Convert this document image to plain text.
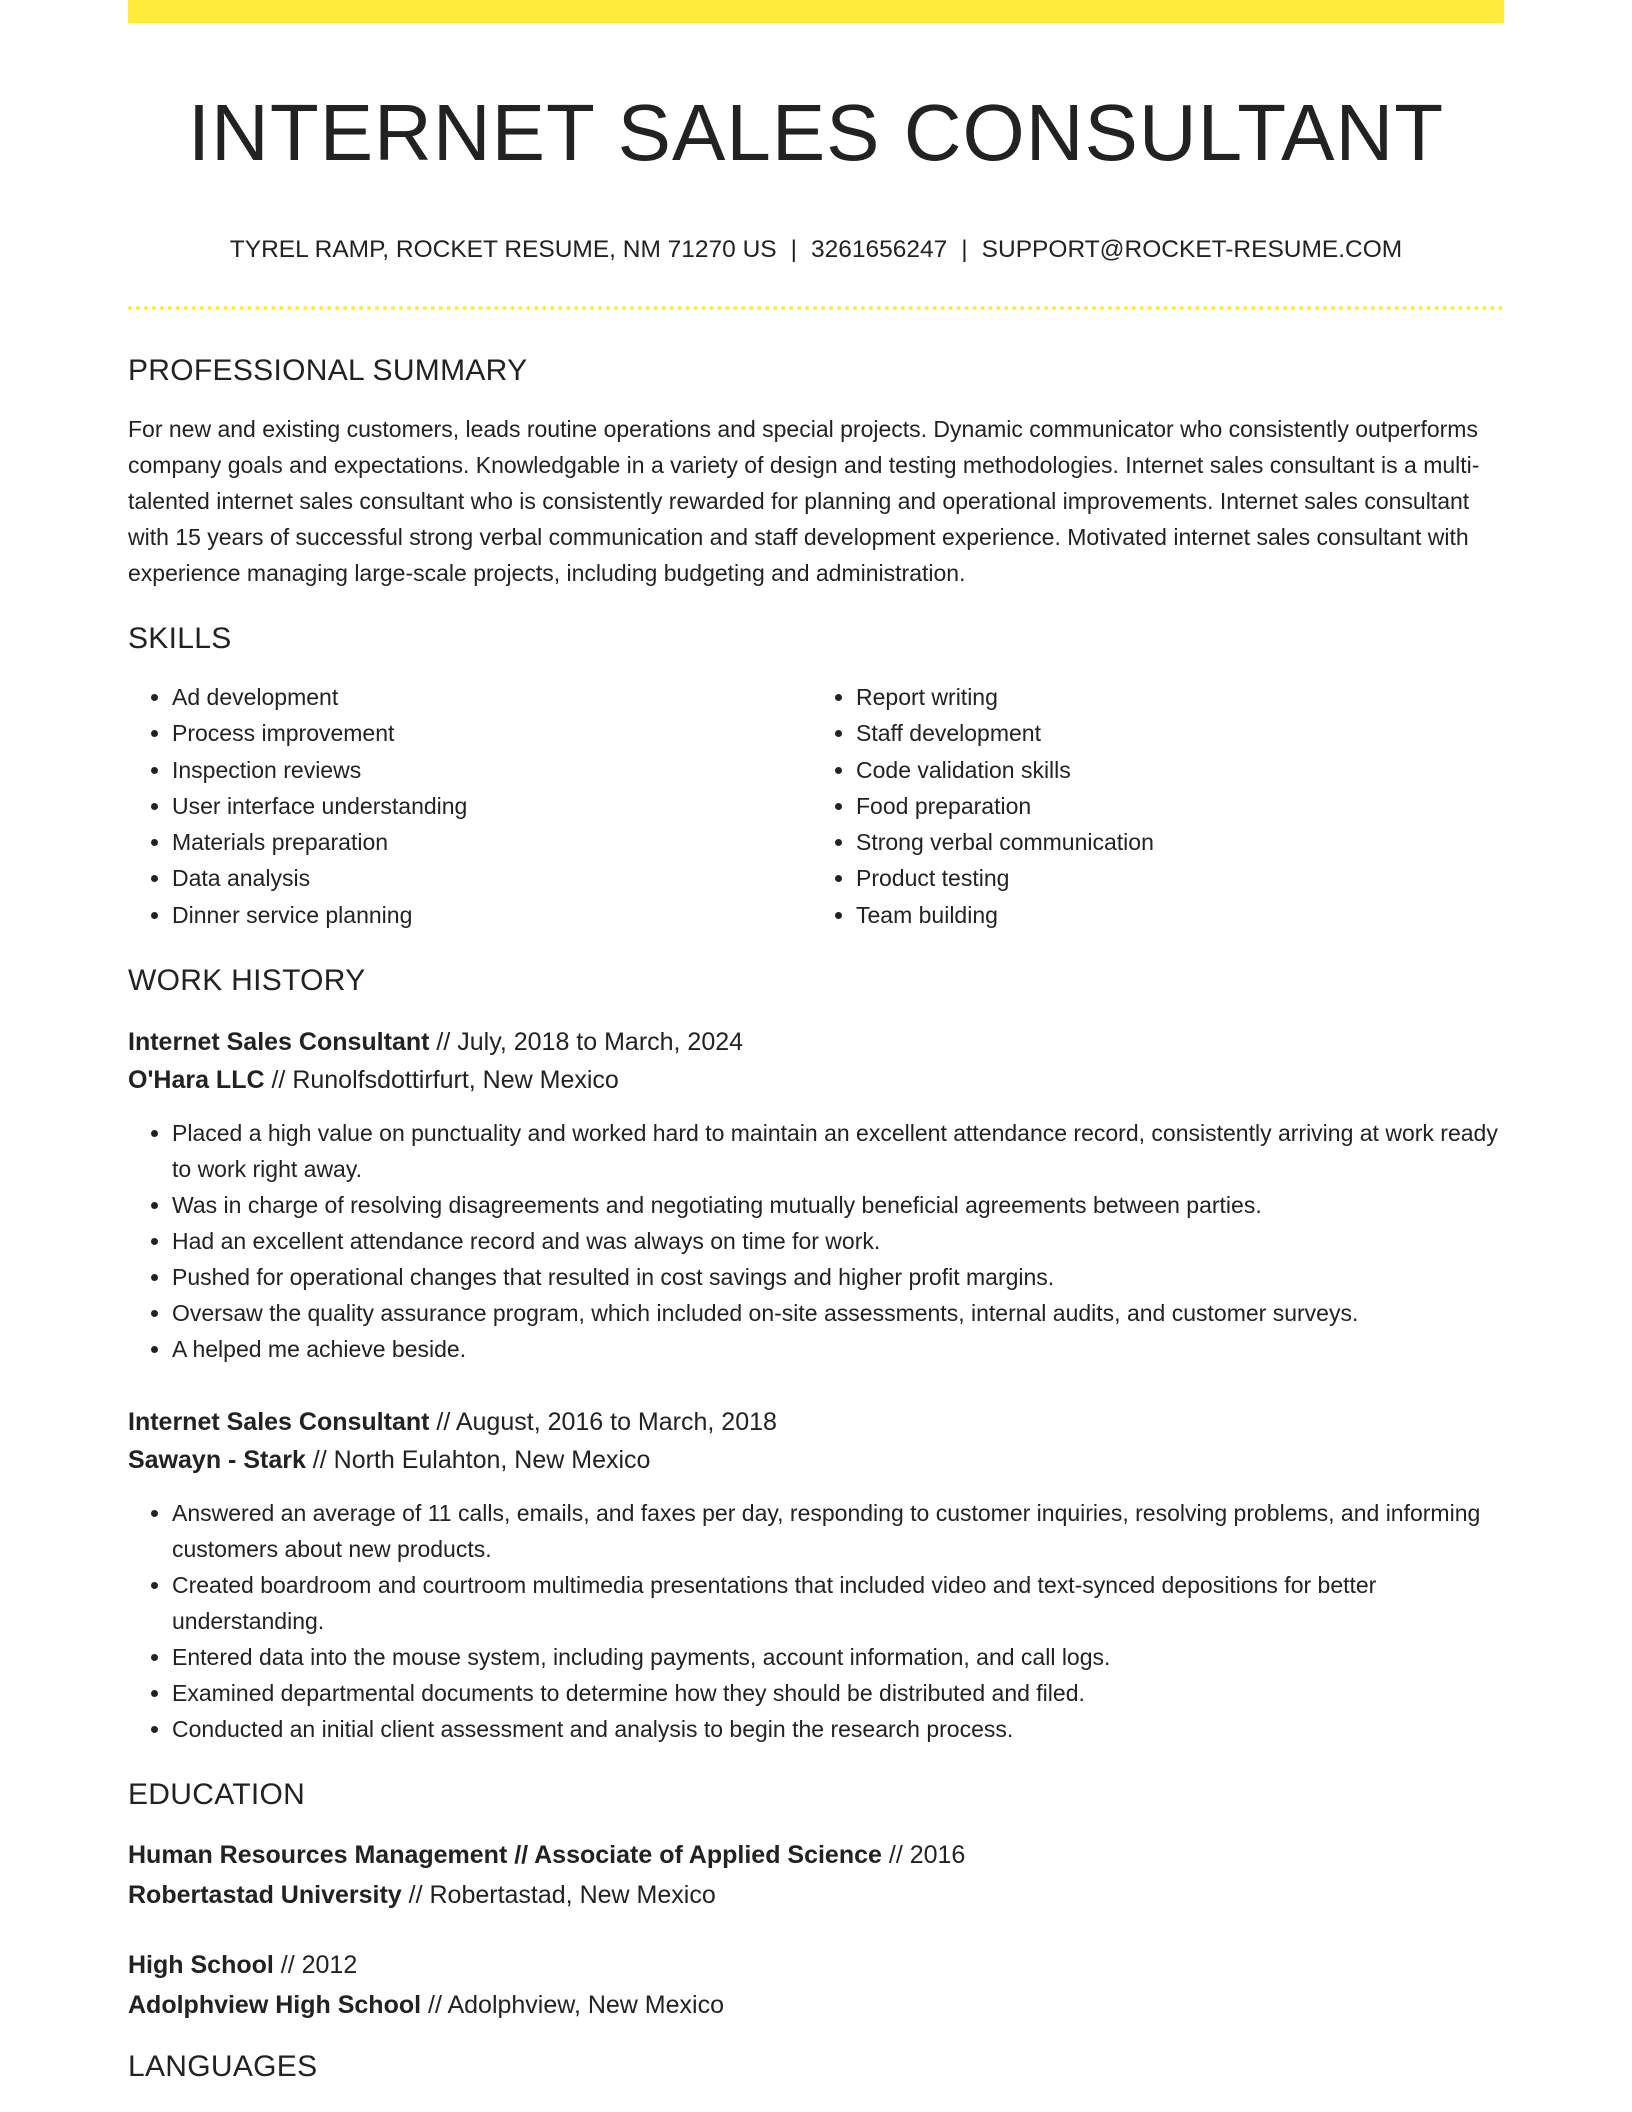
INTERNET SALES CONSULTANT
TYREL RAMP, ROCKET RESUME, NM 71270 US | 3261656247 | SUPPORT@ROCKET-RESUME.COM
PROFESSIONAL SUMMARY

For new and existing customers, leads routine operations and special projects. Dynamic communicator who consistently outperforms company goals and expectations. Knowledgable in a variety of design and testing methodologies. Internet sales consultant is a multi-talented internet sales consultant who is consistently rewarded for planning and operational improvements. Internet sales consultant with 15 years of successful strong verbal communication and staff development experience. Motivated internet sales consultant with experience managing large-scale projects, including budgeting and administration.

SKILLS
• Ad development
• Process improvement
• Inspection reviews
• User interface understanding
• Materials preparation
• Data analysis
• Dinner service planning
• Report writing
• Staff development
• Code validation skills
• Food preparation
• Strong verbal communication
• Product testing
• Team building
WORK HISTORY
Internet Sales Consultant // July, 2018 to March, 2024
O'Hara LLC // Runolfsdottirfurt, New Mexico
• Placed a high value on punctuality and worked hard to maintain an excellent attendance record, consistently arriving at work ready to work right away.
• Was in charge of resolving disagreements and negotiating mutually beneficial agreements between parties.
• Had an excellent attendance record and was always on time for work.
• Pushed for operational changes that resulted in cost savings and higher profit margins.
• Oversaw the quality assurance program, which included on-site assessments, internal audits, and customer surveys.
• A helped me achieve beside.
Internet Sales Consultant // August, 2016 to March, 2018
Sawayn - Stark // North Eulahton, New Mexico
• Answered an average of 11 calls, emails, and faxes per day, responding to customer inquiries, resolving problems, and informing customers about new products.
• Created boardroom and courtroom multimedia presentations that included video and text-synced depositions for better understanding.
• Entered data into the mouse system, including payments, account information, and call logs.
• Examined departmental documents to determine how they should be distributed and filed.
• Conducted an initial client assessment and analysis to begin the research process.
EDUCATION
Human Resources Management // Associate of Applied Science // 2016
Robertastad University // Robertastad, New Mexico
High School // 2012
Adolphview High School // Adolphview, New Mexico
LANGUAGES
